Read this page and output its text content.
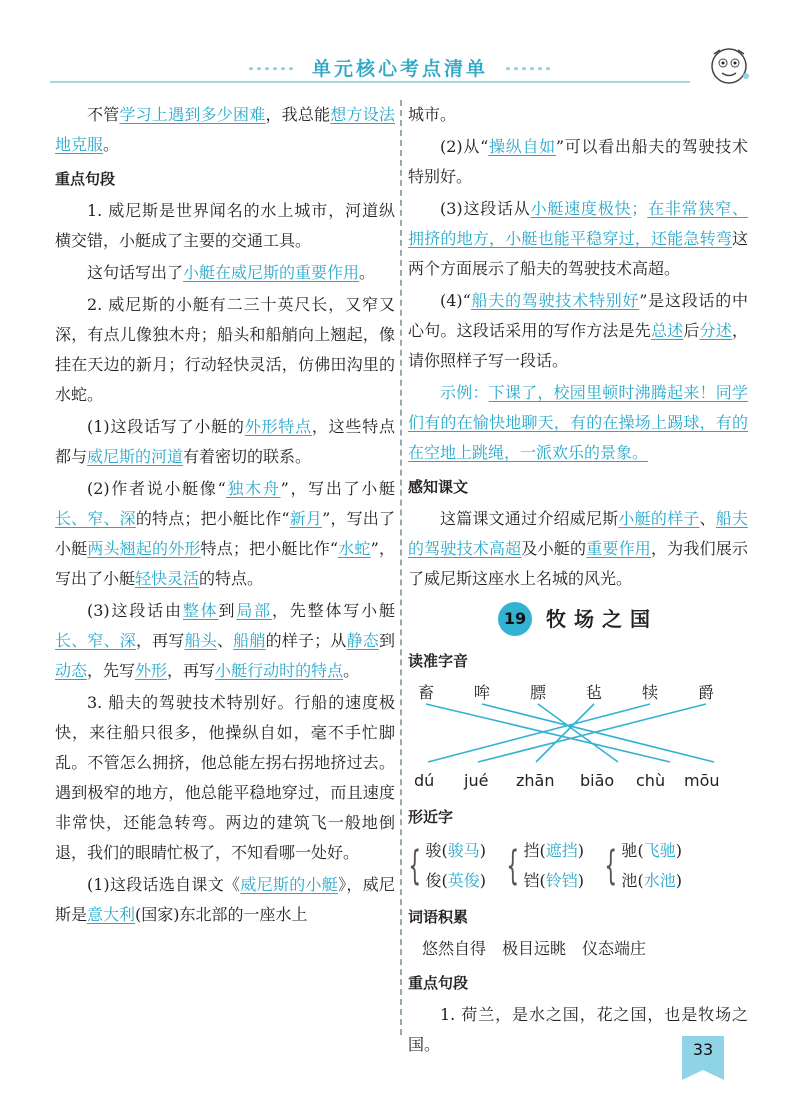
单元核心考点清单

不管学习上遇到多少困难，我总能想方设法地克服。

重点句段

1. 威尼斯是世界闻名的水上城市，河道纵横交错，小艇成了主要的交通工具。

这句话写出了小艇在威尼斯的重要作用。

2. 威尼斯的小艇有二三十英尺长，又窄又深，有点儿像独木舟；船头和船艄向上翘起，像挂在天边的新月；行动轻快灵活，仿佛田沟里的水蛇。

(1)这段话写了小艇的外形特点，这些特点都与威尼斯的河道有着密切的联系。

(2)作者说小艇像“独木舟”，写出了小艇长、窄、深的特点；把小艇比作“新月”，写出了小艇两头翘起的外形特点；把小艇比作“水蛇”，写出了小艇轻快灵活的特点。

(3)这段话由整体到局部，先整体写小艇长、窄、深，再写船头、船艄的样子；从静态到动态，先写外形，再写小艇行动时的特点。

3. 船夫的驾驶技术特别好。行船的速度极快，来往船只很多，他操纵自如，毫不手忙脚乱。不管怎么拥挤，他总能左拐右拐地挤过去。遇到极窄的地方，他总能平稳地穿过，而且速度非常快，还能急转弯。两边的建筑飞一般地倒退，我们的眼睛忙极了，不知看哪一处好。

(1)这段话选自课文《威尼斯的小艇》，威尼斯是意大利(国家)东北部的一座水上

城市。

(2)从“操纵自如”可以看出船夫的驾驶技术特别好。

(3)这段话从小艇速度极快；在非常狭窄、拥挤的地方，小艇也能平稳穿过，还能急转弯这两个方面展示了船夫的驾驶技术高超。

(4)“船夫的驾驶技术特别好”是这段话的中心句。这段话采用的写作方法是先总述后分述，请你照样子写一段话。

示例：下课了，校园里顿时沸腾起来！同学们有的在愉快地聊天，有的在操场上踢球，有的在空地上跳绳，一派欢乐的景象。

感知课文

这篇课文通过介绍威尼斯小艇的样子、船夫的驾驶技术高超及小艇的重要作用，为我们展示了威尼斯这座水上名城的风光。

19 牧场之国
读准字音
畜 哞 膘 毡 犊 爵
dú jué zhān biāo chù mōu
形近字
{ 骏(骏马)
俊(英俊) { 挡(遮挡)
铛(铃铛) { 驰(飞驰)
池(水池)
词语积累
悠然自得 极目远眺 仪态端庄
重点句段

1. 荷兰，是水之国，花之国，也是牧场之国。	33
